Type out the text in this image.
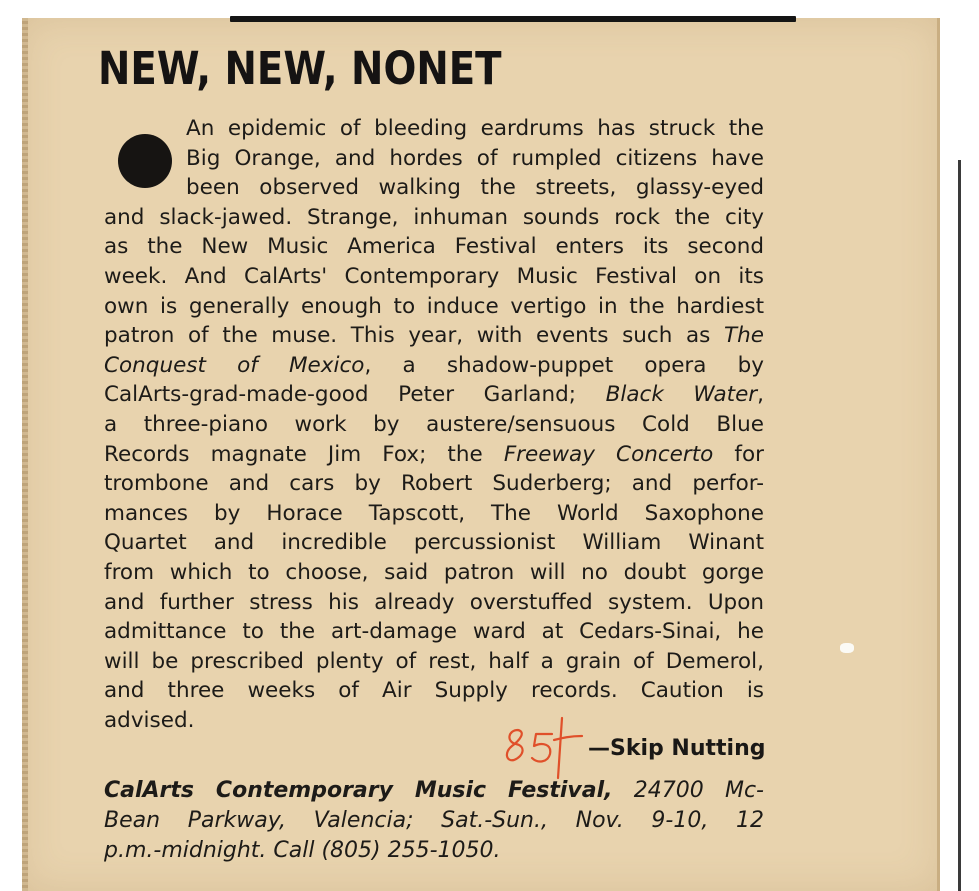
NEW, NEW, NONET
An epidemic of bleeding eardrums has struck the
Big Orange, and hordes of rumpled citizens have
been observed walking the streets, glassy-eyed
and slack-jawed. Strange, inhuman sounds rock the city
as the New Music America Festival enters its second
week. And CalArts' Contemporary Music Festival on its
own is generally enough to induce vertigo in the hardiest
patron of the muse. This year, with events such as The
Conquest of Mexico, a shadow-puppet opera by
CalArts-grad-made-good Peter Garland; Black Water,
a three-piano work by austere/sensuous Cold Blue
Records magnate Jim Fox; the Freeway Concerto for
trombone and cars by Robert Suderberg; and perfor-
mances by Horace Tapscott, The World Saxophone
Quartet and incredible percussionist William Winant
from which to choose, said patron will no doubt gorge
and further stress his already overstuffed system. Upon
admittance to the art-damage ward at Cedars-Sinai, he
will be prescribed plenty of rest, half a grain of Demerol,
and three weeks of Air Supply records. Caution is
advised.
—Skip Nutting
CalArts Contemporary Music Festival, 24700 Mc-
Bean Parkway, Valencia; Sat.-Sun., Nov. 9-10, 12
p.m.-midnight. Call (805) 255-1050.
